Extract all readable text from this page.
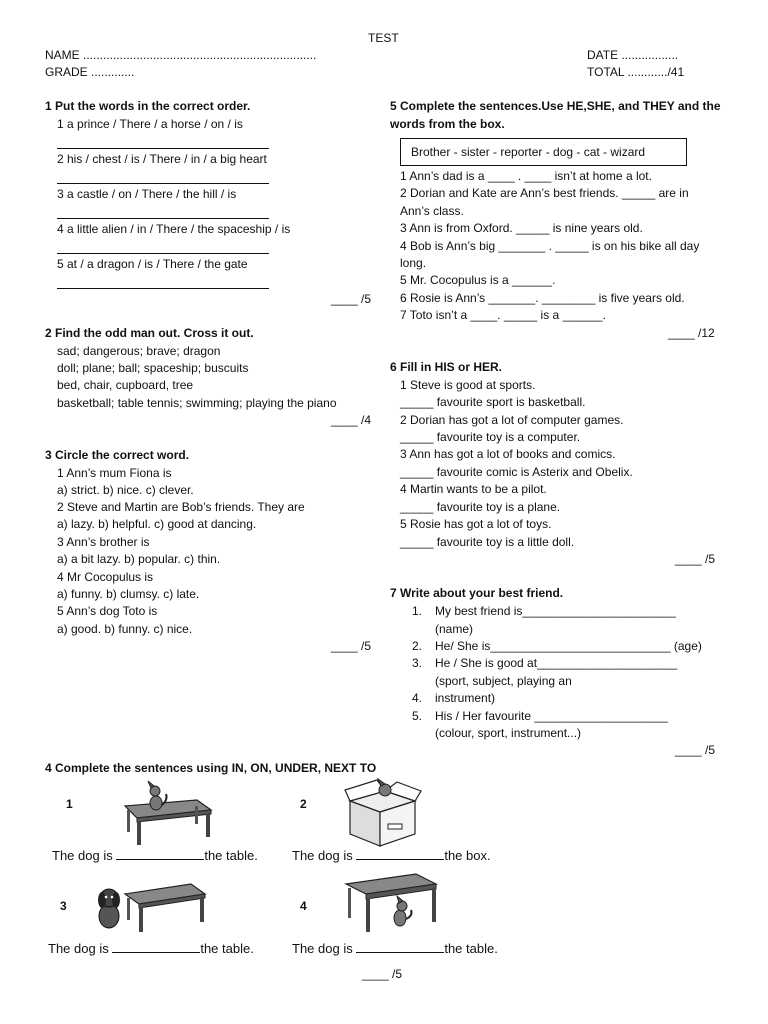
TEST
NAME ......................................................................	DATE .................
GRADE .............	TOTAL ............/41
1 Put the words in the correct order.
1 a prince / There / a horse / on / is
2 his / chest / is / There / in / a big heart
3 a castle / on / There / the hill / is
4 a little alien / in / There / the spaceship / is
5 at / a dragon / is / There / the gate
____ /5
2 Find the odd man out. Cross it out.
sad; dangerous; brave; dragon
doll; plane; ball; spaceship; buscuits
bed, chair, cupboard, tree
basketball; table tennis; swimming; playing the piano
____ /4
3 Circle the correct word.
1 Ann’s mum Fiona is
a) strict. b) nice. c) clever.
2 Steve and Martin are Bob’s friends. They are
a) lazy. b) helpful. c) good at dancing.
3 Ann’s brother is
a) a bit lazy. b) popular. c) thin.
4 Mr Cocopulus is
a) funny. b) clumsy. c) late.
5 Ann’s dog Toto is
a) good. b) funny. c) nice.
____ /5
5 Complete the sentences.Use HE,SHE, and THEY and the
words from the box.
Brother - sister - reporter - dog - cat - wizard
1 Ann’s dad is a ____ . ____ isn’t at home a lot.
2 Dorian and Kate are Ann’s best friends. _____ are in
Ann’s class.
3 Ann is from Oxford. _____ is nine years old.
4 Bob is Ann’s big _______ . _____ is on his bike all day
long.
5 Mr. Cocopulus is a ______.
6 Rosie is Ann’s _______. ________ is five years old.
7 Toto isn’t a ____. _____ is a ______.
____ /12
6 Fill in HIS or HER.
1 Steve is good at sports.
_____ favourite sport is basketball.
2 Dorian has got a lot of computer games.
_____ favourite toy is a computer.
3 Ann has got a lot of books and comics.
_____ favourite comic is Asterix and Obelix.
4 Martin wants to be a pilot.
_____ favourite toy is a plane.
5 Rosie has got a lot of toys.
_____ favourite toy is a little doll.
____ /5
7 Write about your best friend.
1. My best friend is_______________________
(name)
2. He/ She is___________________________ (age)
3. He / She is good at_____________________
(sport, subject, playing an
4. instrument)
5. His / Her favourite ____________________
(colour, sport, instrument...)
____ /5
4 Complete the sentences using IN, ON, UNDER, NEXT TO
1
The dog is	the table.
2
The dog is	the box.
3
The dog is	the table.
4
The dog is	the table.
____ /5
